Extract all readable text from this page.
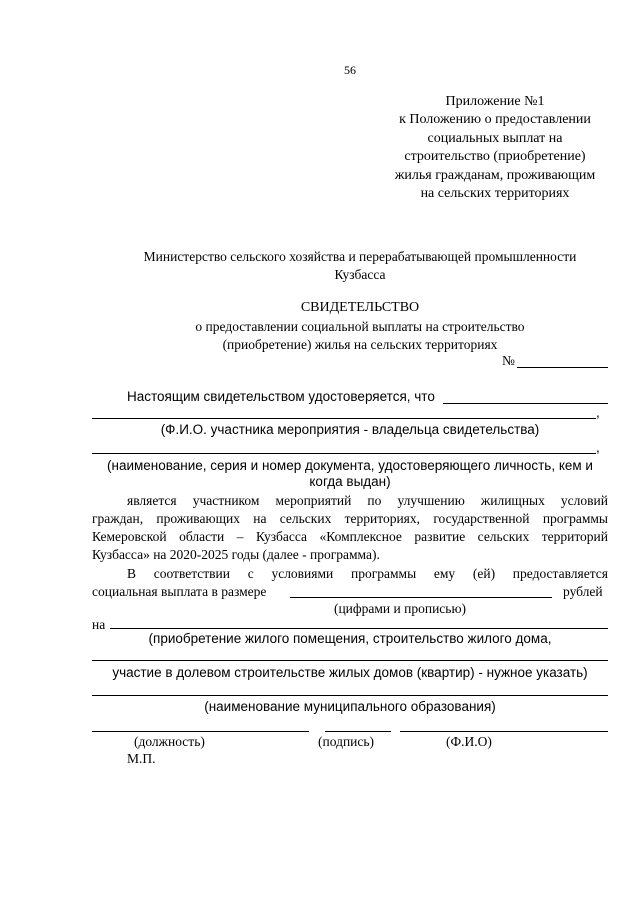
56
Приложение №1
к Положению о предоставлении
социальных выплат на
строительство (приобретение)
жилья гражданам, проживающим
на сельских территориях
Министерство сельского хозяйства и перерабатывающей промышленности
Кузбасса
СВИДЕТЕЛЬСТВО
о предоставлении социальной выплаты на строительство
(приобретение) жилья на сельских территориях
№
Настоящим свидетельством удостоверяется, что
,
(Ф.И.О. участника мероприятия - владельца свидетельства)
,
(наименование, серия и номер документа, удостоверяющего личность, кем и
когда выдан)
является участником мероприятий по улучшению жилищных условий
граждан, проживающих на сельских территориях, государственной программы
Кемеровской области – Кузбасса «Комплексное развитие сельских территорий
Кузбасса» на 2020-2025 годы (далее - программа).
В соответствии с условиями программы ему (ей) предоставляется
социальная выплата в размере	рублей
(цифрами и прописью)
на
(приобретение жилого помещения, строительство жилого дома,
участие в долевом строительстве жилых домов (квартир) - нужное указать)
(наименование муниципального образования)
(должность)	(подпись)	(Ф.И.О)
М.П.
